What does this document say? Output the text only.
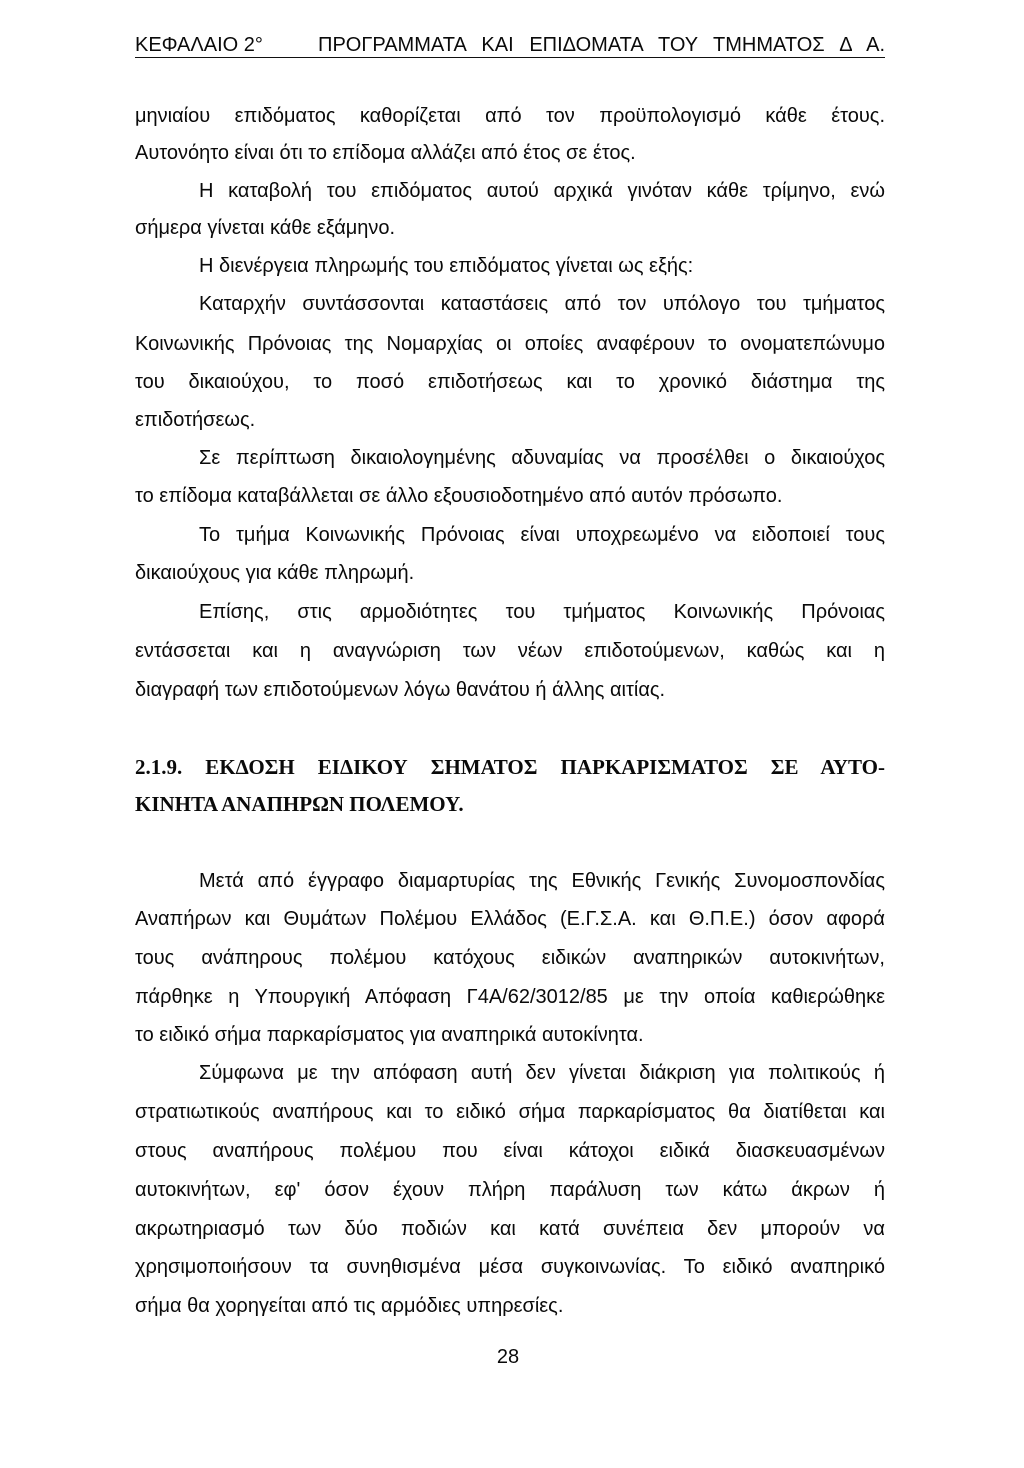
ΚΕΦΑΛΑΙΟ 2°	ΠΡΟΓΡΑΜΜΑΤΑ ΚΑΙ ΕΠΙΔΟΜΑΤΑ ΤΟΥ ΤΜΗΜΑΤΟΣ Δ Α.
μηνιαίου επιδόματος καθορίζεται από τον προϋπολογισμό κάθε έτους.
Αυτονόητο είναι ότι το επίδομα αλλάζει από έτος σε έτος.
Η καταβολή του επιδόματος αυτού αρχικά γινόταν κάθε τρίμηνο, ενώ
σήμερα γίνεται κάθε εξάμηνο.
Η διενέργεια πληρωμής του επιδόματος γίνεται ως εξής:
Καταρχήν συντάσσονται καταστάσεις από τον υπόλογο του τμήματος
Κοινωνικής Πρόνοιας της Νομαρχίας οι οποίες αναφέρουν το ονοματεπώνυμο
του δικαιούχου, το ποσό επιδοτήσεως και το χρονικό διάστημα της
επιδοτήσεως.
Σε περίπτωση δικαιολογημένης αδυναμίας να προσέλθει ο δικαιούχος
το επίδομα καταβάλλεται σε άλλο εξουσιοδοτημένο από αυτόν πρόσωπο.
Το τμήμα Κοινωνικής Πρόνοιας είναι υποχρεωμένο να ειδοποιεί τους
δικαιούχους για κάθε πληρωμή.
Επίσης, στις αρμοδιότητες του τμήματος Κοινωνικής Πρόνοιας
εντάσσεται και η αναγνώριση των νέων επιδοτούμενων, καθώς και η
διαγραφή των επιδοτούμενων λόγω θανάτου ή άλλης αιτίας.
2.1.9. ΕΚΔΟΣΗ ΕΙΔΙΚΟΥ ΣΗΜΑΤΟΣ ΠΑΡΚΑΡΙΣΜΑΤΟΣ ΣΕ ΑΥΤΟ-
ΚΙΝΗΤΑ ΑΝΑΠΗΡΩΝ ΠΟΛΕΜΟΥ.
Μετά από έγγραφο διαμαρτυρίας της Εθνικής Γενικής Συνομοσπονδίας
Αναπήρων και Θυμάτων Πολέμου Ελλάδος (Ε.Γ.Σ.Α. και Θ.Π.Ε.) όσον αφορά
τους ανάπηρους πολέμου κατόχους ειδικών αναπηρικών αυτοκινήτων,
πάρθηκε η Υπουργική Απόφαση Γ4Α/62/3012/85 με την οποία καθιερώθηκε
το ειδικό σήμα παρκαρίσματος για αναπηρικά αυτοκίνητα.
Σύμφωνα με την απόφαση αυτή δεν γίνεται διάκριση για πολιτικούς ή
στρατιωτικούς αναπήρους και το ειδικό σήμα παρκαρίσματος θα διατίθεται και
στους αναπήρους πολέμου που είναι κάτοχοι ειδικά διασκευασμένων
αυτοκινήτων, εφ' όσον έχουν πλήρη παράλυση των κάτω άκρων ή
ακρωτηριασμό των δύο ποδιών και κατά συνέπεια δεν μπορούν να
χρησιμοποιήσουν τα συνηθισμένα μέσα συγκοινωνίας. Το ειδικό αναπηρικό
σήμα θα χορηγείται από τις αρμόδιες υπηρεσίες.
28
